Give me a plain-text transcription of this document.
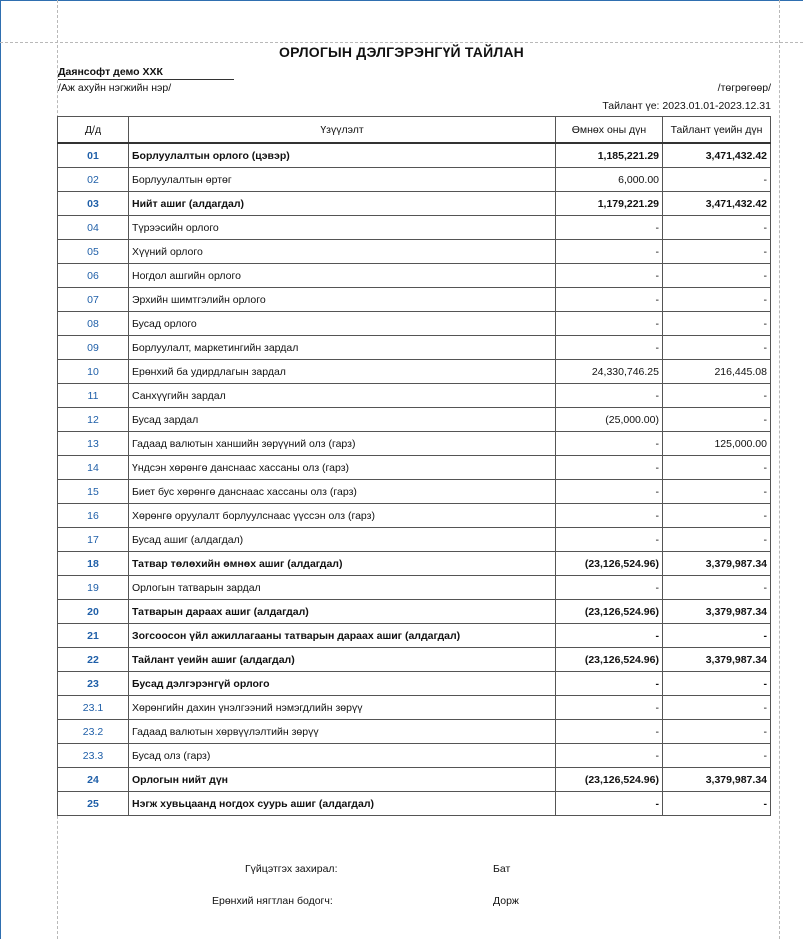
ОРЛОГЫН ДЭЛГЭРЭНГҮЙ ТАЙЛАН
Даянсофт демо ХХК
/Аж ахуйн нэгжийн нэр/	/төгрөгөөр/
Тайлант үе: 2023.01.01-2023.12.31
Д/д	Үзүүлэлт	Өмнөх оны дүн	Тайлант үеийн дүн
01	Борлуулалтын орлого (цэвэр)	1,185,221.29	3,471,432.42
02	Борлуулалтын өртөг	6,000.00	-
03	Нийт ашиг (алдагдал)	1,179,221.29	3,471,432.42
04	Түрээсийн орлого	-	-
05	Хүүний орлого	-	-
06	Ногдол ашгийн орлого	-	-
07	Эрхийн шимтгэлийн орлого	-	-
08	Бусад орлого	-	-
09	Борлуулалт, маркетингийн зардал	-	-
10	Ерөнхий ба удирдлагын зардал	24,330,746.25	216,445.08
11	Санхүүгийн зардал	-	-
12	Бусад зардал	(25,000.00)	-
13	Гадаад валютын ханшийн зөрүүний олз (гарз)	-	125,000.00
14	Үндсэн хөрөнгө данснаас хассаны олз (гарз)	-	-
15	Биет бус хөрөнгө данснаас хассаны олз (гарз)	-	-
16	Хөрөнгө оруулалт борлуулснаас үүссэн олз (гарз)	-	-
17	Бусад ашиг (алдагдал)	-	-
18	Татвар төлөхийн өмнөх ашиг (алдагдал)	(23,126,524.96)	3,379,987.34
19	Орлогын татварын зардал	-	-
20	Татварын дараах ашиг (алдагдал)	(23,126,524.96)	3,379,987.34
21	Зогсоосон үйл ажиллагааны татварын дараах ашиг (алдагдал)	-	-
22	Тайлант үеийн ашиг (алдагдал)	(23,126,524.96)	3,379,987.34
23	Бусад дэлгэрэнгүй орлого	-	-
23.1	Хөрөнгийн дахин үнэлгээний нэмэгдлийн зөрүү	-	-
23.2	Гадаад валютын хөрвүүлэлтийн зөрүү	-	-
23.3	Бусад олз (гарз)	-	-
24	Орлогын нийт дүн	(23,126,524.96)	3,379,987.34
25	Нэгж хувьцаанд ногдох суурь ашиг (алдагдал)	-	-
Гүйцэтгэх захирал:	Бат
Ерөнхий нягтлан бодогч:	Дорж
